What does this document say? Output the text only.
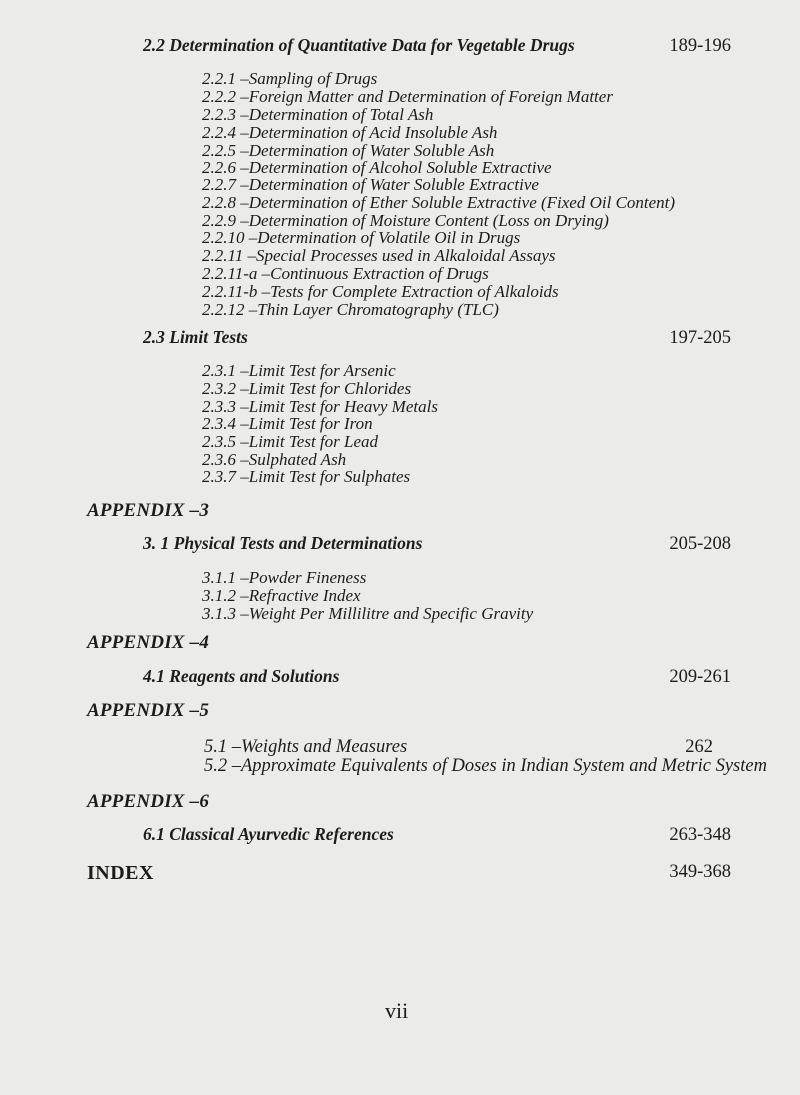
2.2 Determination of Quantitative Data for Vegetable Drugs	189-196
2.2.1 –Sampling of Drugs
2.2.2 –Foreign Matter and Determination of Foreign Matter
2.2.3 –Determination of Total Ash
2.2.4 –Determination of Acid Insoluble Ash
2.2.5 –Determination of Water Soluble Ash
2.2.6 –Determination of Alcohol Soluble Extractive
2.2.7 –Determination of Water Soluble Extractive
2.2.8 –Determination of Ether Soluble Extractive (Fixed Oil Content)
2.2.9 –Determination of Moisture Content (Loss on Drying)
2.2.10 –Determination of Volatile Oil in Drugs
2.2.11 –Special Processes used in Alkaloidal Assays
2.2.11-a –Continuous Extraction of Drugs
2.2.11-b –Tests for Complete Extraction of Alkaloids
2.2.12 –Thin Layer Chromatography (TLC)
2.3 Limit Tests	197-205
2.3.1 –Limit Test for Arsenic
2.3.2 –Limit Test for Chlorides
2.3.3 –Limit Test for Heavy Metals
2.3.4 –Limit Test for Iron
2.3.5 –Limit Test for Lead
2.3.6 –Sulphated Ash
2.3.7 –Limit Test for Sulphates
APPENDIX –3
3. 1 Physical Tests and Determinations	205-208
3.1.1 –Powder Fineness
3.1.2 –Refractive Index
3.1.3 –Weight Per Millilitre and Specific Gravity
APPENDIX –4
4.1 Reagents and Solutions	209-261
APPENDIX –5
5.1 –Weights and Measures	262
5.2 –Approximate Equivalents of Doses in Indian System and Metric System
APPENDIX –6
6.1 Classical Ayurvedic References	263-348
INDEX	349-368
vii
